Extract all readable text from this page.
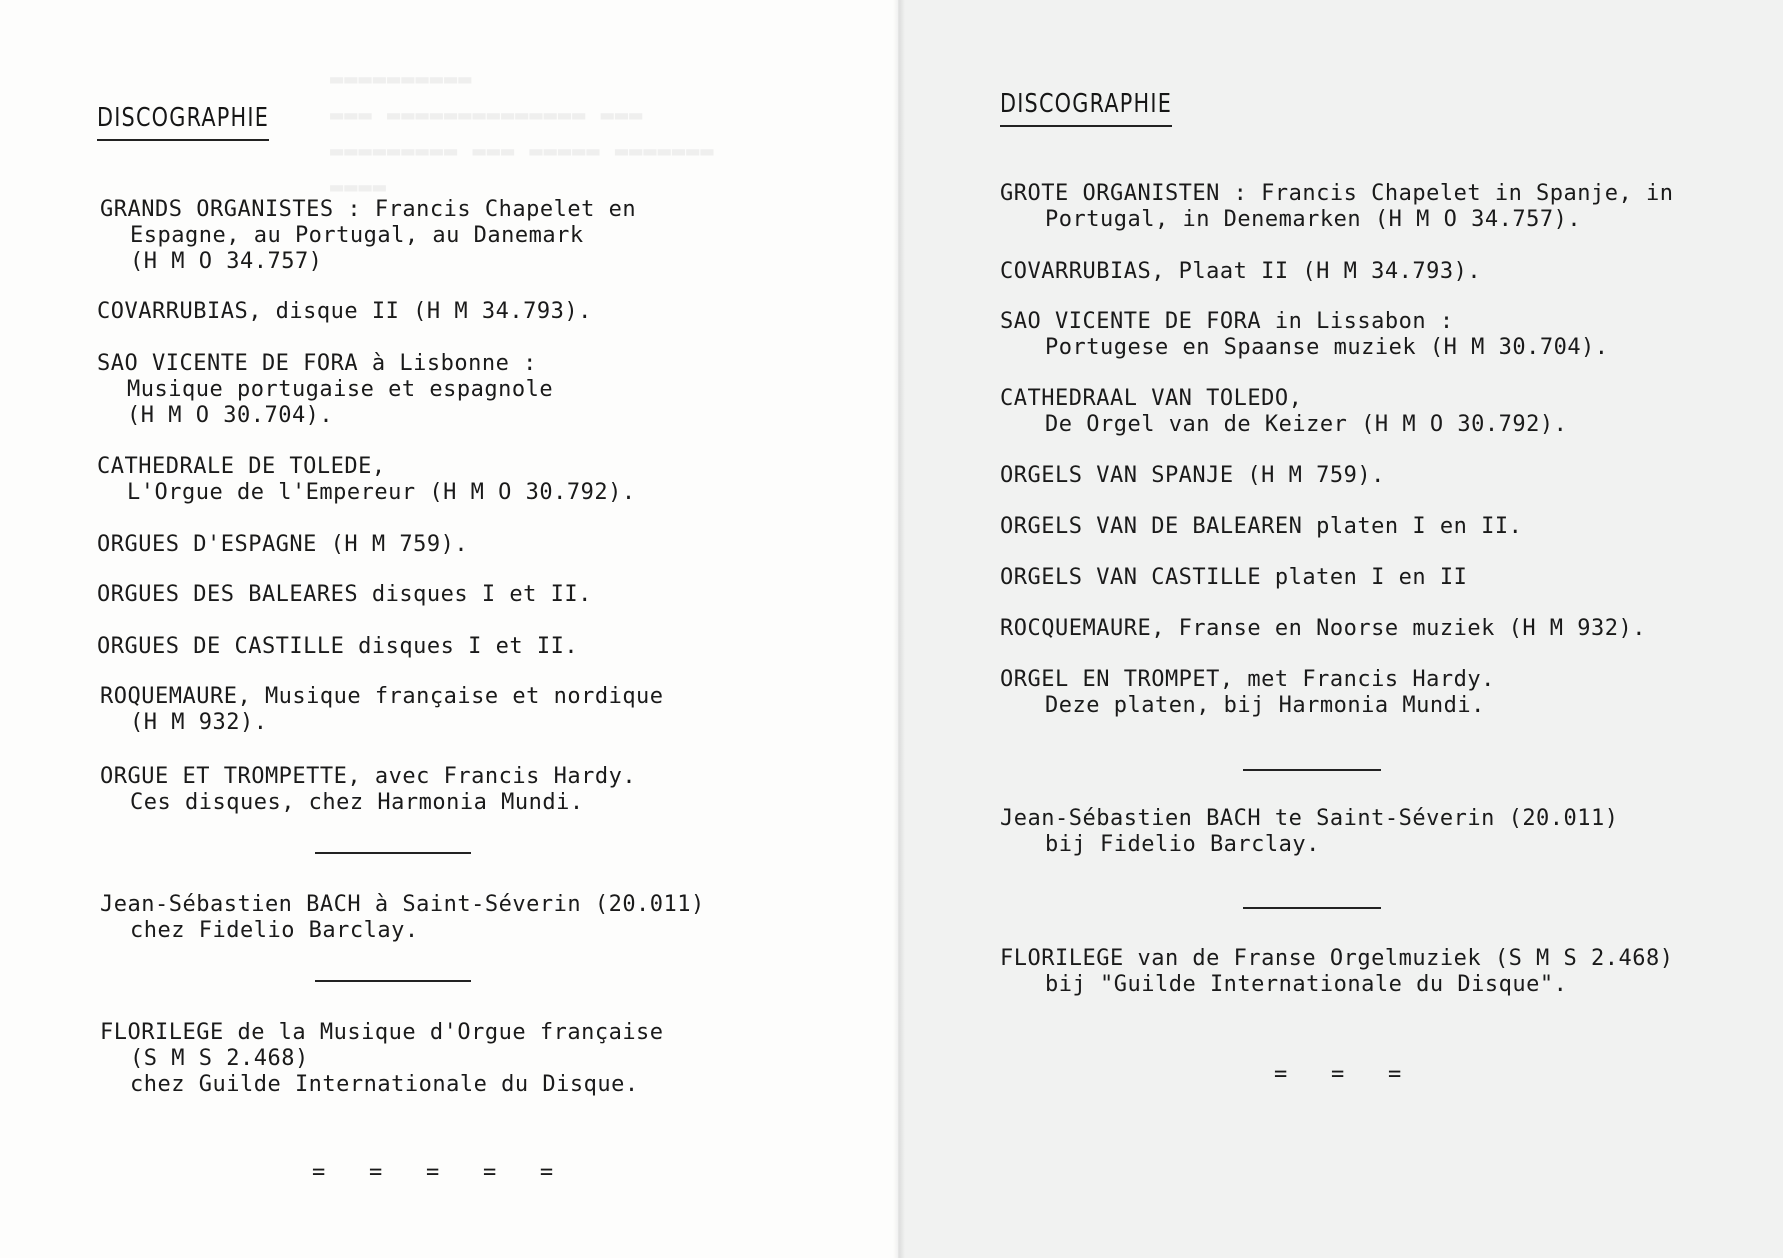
▬▬▬▬▬▬▬▬▬▬
▬▬▬ ▬▬▬▬▬▬▬▬▬▬▬▬▬▬ ▬▬▬
▬▬▬▬▬▬▬▬▬ ▬▬▬ ▬▬▬▬▬ ▬▬▬▬▬▬▬
▬▬▬▬
DISCOGRAPHIE
GRANDS ORGANISTES : Francis Chapelet en
Espagne, au Portugal, au Danemark
(H M O 34.757)
COVARRUBIAS, disque II (H M 34.793).
SAO VICENTE DE FORA à Lisbonne :
Musique portugaise et espagnole
(H M O 30.704).
CATHEDRALE DE TOLEDE,
L'Orgue de l'Empereur (H M O 30.792).
ORGUES D'ESPAGNE (H M 759).
ORGUES DES BALEARES disques I et II.
ORGUES DE CASTILLE disques I et II.
ROQUEMAURE, Musique française et nordique
(H M 932).
ORGUE ET TROMPETTE, avec Francis Hardy.
Ces disques, chez Harmonia Mundi.
Jean-Sébastien BACH à Saint-Séverin (20.011)
chez Fidelio Barclay.
FLORILEGE de la Musique d'Orgue française
(S M S 2.468)
chez Guilde Internationale du Disque.
=   =   =   =   =
DISCOGRAPHIE
GROTE ORGANISTEN : Francis Chapelet in Spanje, in
Portugal, in Denemarken (H M O 34.757).
COVARRUBIAS, Plaat II (H M 34.793).
SAO VICENTE DE FORA in Lissabon :
Portugese en Spaanse muziek (H M 30.704).
CATHEDRAAL VAN TOLEDO,
De Orgel van de Keizer (H M O 30.792).
ORGELS VAN SPANJE (H M 759).
ORGELS VAN DE BALEAREN platen I en II.
ORGELS VAN CASTILLE platen I en II
ROCQUEMAURE, Franse en Noorse muziek (H M 932).
ORGEL EN TROMPET, met Francis Hardy.
Deze platen, bij Harmonia Mundi.
Jean-Sébastien BACH te Saint-Séverin (20.011)
bij Fidelio Barclay.
FLORILEGE van de Franse Orgelmuziek (S M S 2.468)
bij "Guilde Internationale du Disque".
=   =   =
